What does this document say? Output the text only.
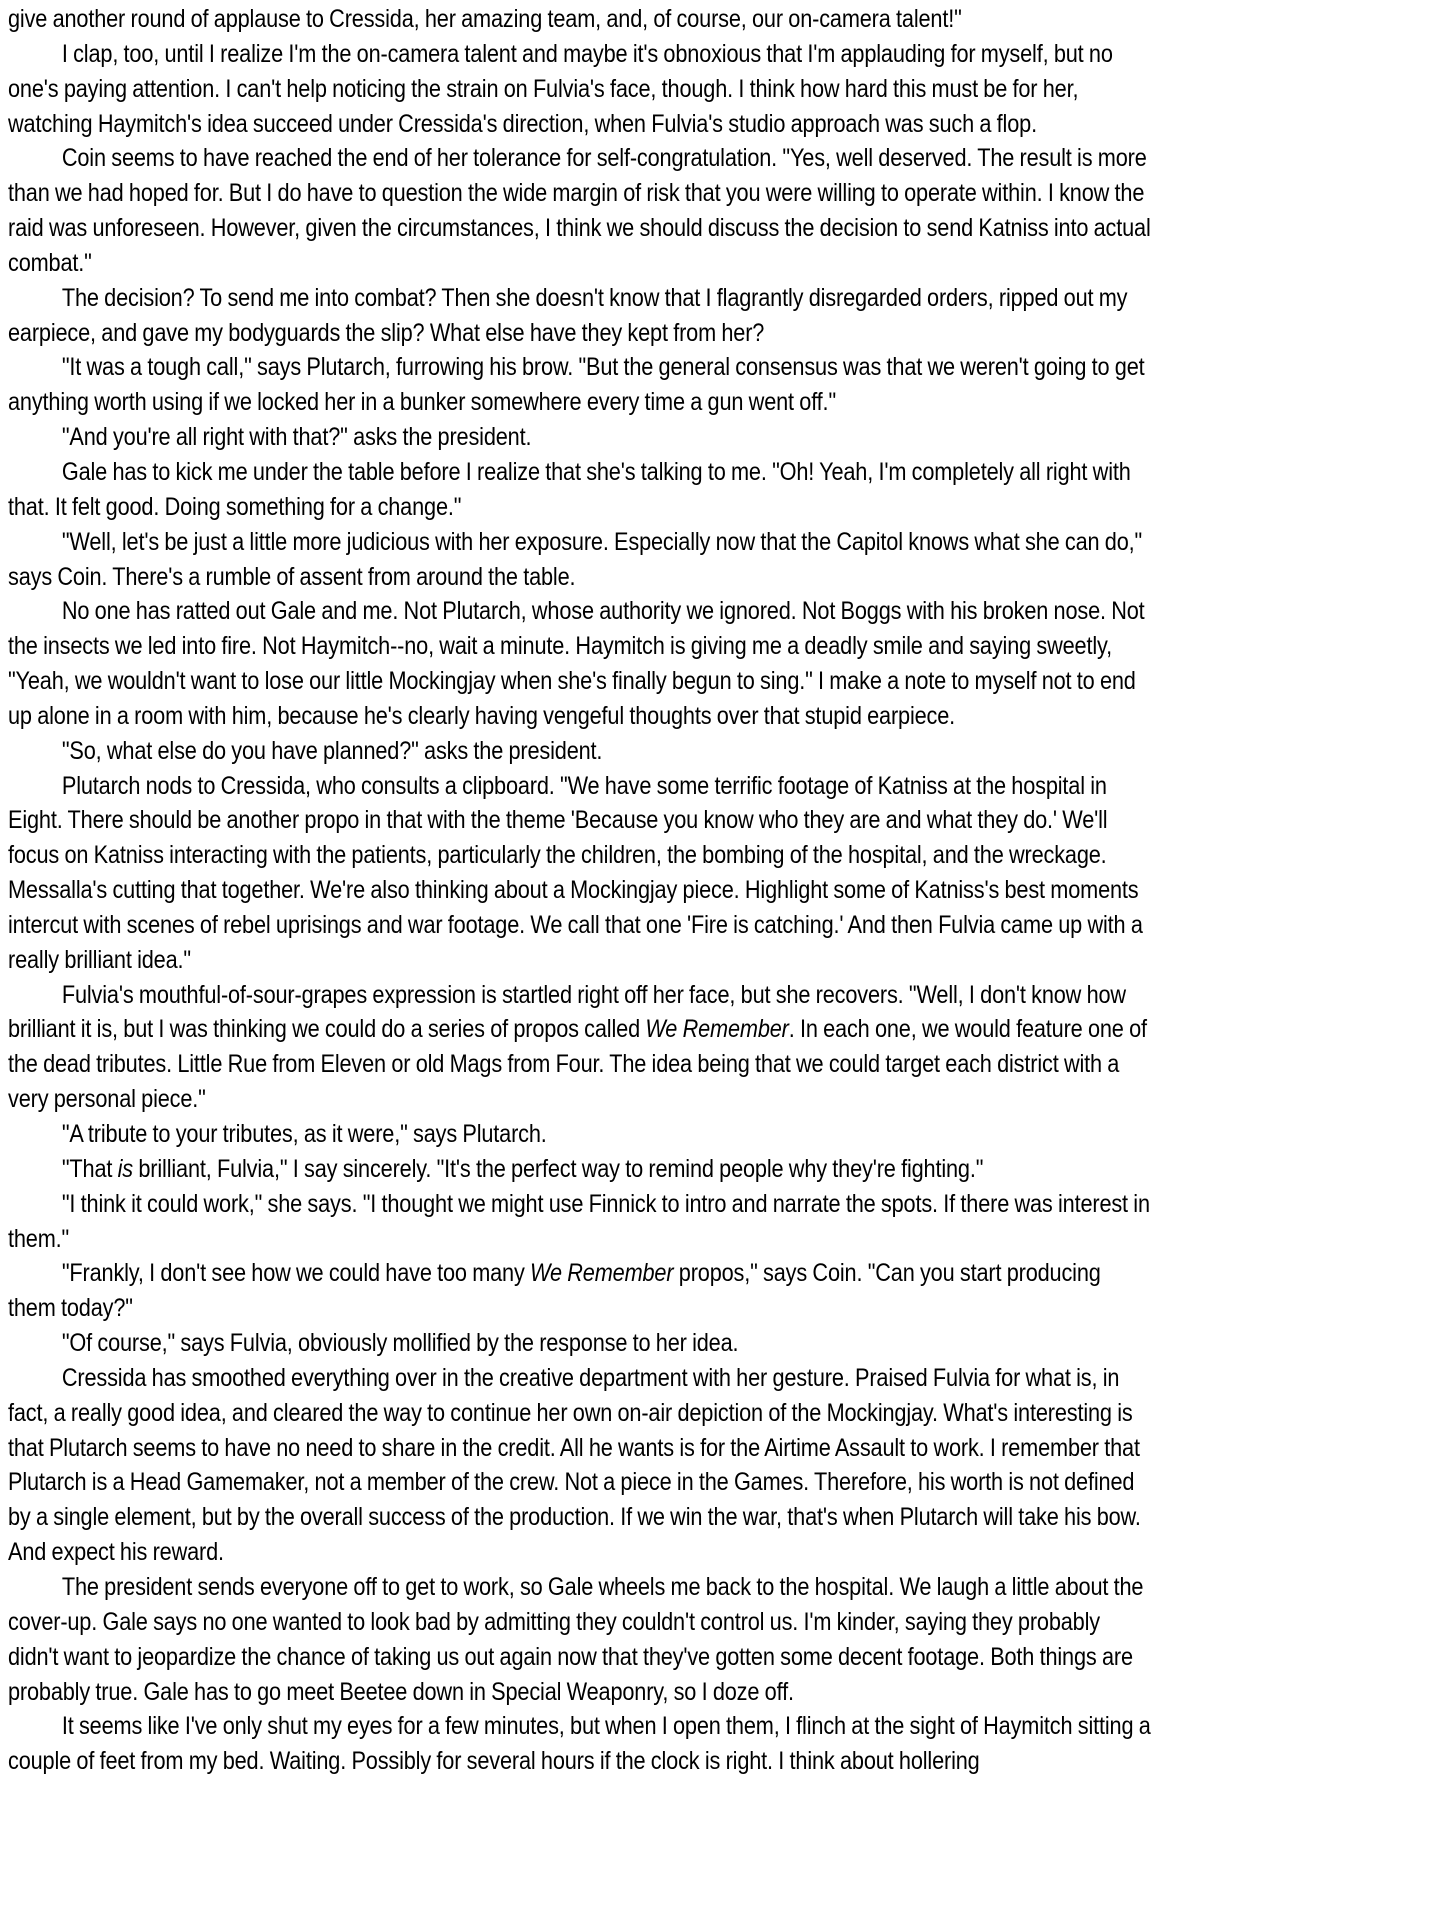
give another round of applause to Cressida, her amazing team, and, of course, our on-camera talent!"

I clap, too, until I realize I'm the on-camera talent and maybe it's obnoxious that I'm applauding for myself, but no one's paying attention. I can't help noticing the strain on Fulvia's face, though. I think how hard this must be for her, watching Haymitch's idea succeed under Cressida's direction, when Fulvia's studio approach was such a flop.

Coin seems to have reached the end of her tolerance for self-congratulation. "Yes, well deserved. The result is more than we had hoped for. But I do have to question the wide margin of risk that you were willing to operate within. I know the raid was unforeseen. However, given the circumstances, I think we should discuss the decision to send Katniss into actual combat."

The decision? To send me into combat? Then she doesn't know that I flagrantly disregarded orders, ripped out my earpiece, and gave my bodyguards the slip? What else have they kept from her?

"It was a tough call," says Plutarch, furrowing his brow. "But the general consensus was that we weren't going to get anything worth using if we locked her in a bunker somewhere every time a gun went off."

"And you're all right with that?" asks the president.

Gale has to kick me under the table before I realize that she's talking to me. "Oh! Yeah, I'm completely all right with that. It felt good. Doing something for a change."

"Well, let's be just a little more judicious with her exposure. Especially now that the Capitol knows what she can do," says Coin. There's a rumble of assent from around the table.

No one has ratted out Gale and me. Not Plutarch, whose authority we ignored. Not Boggs with his broken nose. Not the insects we led into fire. Not Haymitch--no, wait a minute. Haymitch is giving me a deadly smile and saying sweetly, "Yeah, we wouldn't want to lose our little Mockingjay when she's finally begun to sing." I make a note to myself not to end up alone in a room with him, because he's clearly having vengeful thoughts over that stupid earpiece.

"So, what else do you have planned?" asks the president.

Plutarch nods to Cressida, who consults a clipboard. "We have some terrific footage of Katniss at the hospital in Eight. There should be another propo in that with the theme 'Because you know who they are and what they do.' We'll focus on Katniss interacting with the patients, particularly the children, the bombing of the hospital, and the wreckage. Messalla's cutting that together. We're also thinking about a Mockingjay piece. Highlight some of Katniss's best moments intercut with scenes of rebel uprisings and war footage. We call that one 'Fire is catching.' And then Fulvia came up with a really brilliant idea."

Fulvia's mouthful-of-sour-grapes expression is startled right off her face, but she recovers. "Well, I don't know how brilliant it is, but I was thinking we could do a series of propos called We Remember. In each one, we would feature one of the dead tributes. Little Rue from Eleven or old Mags from Four. The idea being that we could target each district with a very personal piece."

"A tribute to your tributes, as it were," says Plutarch.

"That is brilliant, Fulvia," I say sincerely. "It's the perfect way to remind people why they're fighting."

"I think it could work," she says. "I thought we might use Finnick to intro and narrate the spots. If there was interest in them."

"Frankly, I don't see how we could have too many We Remember propos," says Coin. "Can you start producing them today?"

"Of course," says Fulvia, obviously mollified by the response to her idea.

Cressida has smoothed everything over in the creative department with her gesture. Praised Fulvia for what is, in fact, a really good idea, and cleared the way to continue her own on-air depiction of the Mockingjay. What's interesting is that Plutarch seems to have no need to share in the credit. All he wants is for the Airtime Assault to work. I remember that Plutarch is a Head Gamemaker, not a member of the crew. Not a piece in the Games. Therefore, his worth is not defined by a single element, but by the overall success of the production. If we win the war, that's when Plutarch will take his bow. And expect his reward.

The president sends everyone off to get to work, so Gale wheels me back to the hospital. We laugh a little about the cover-up. Gale says no one wanted to look bad by admitting they couldn't control us. I'm kinder, saying they probably didn't want to jeopardize the chance of taking us out again now that they've gotten some decent footage. Both things are probably true. Gale has to go meet Beetee down in Special Weaponry, so I doze off.

It seems like I've only shut my eyes for a few minutes, but when I open them, I flinch at the sight of Haymitch sitting a couple of feet from my bed. Waiting. Possibly for several hours if the clock is right. I think about hollering
